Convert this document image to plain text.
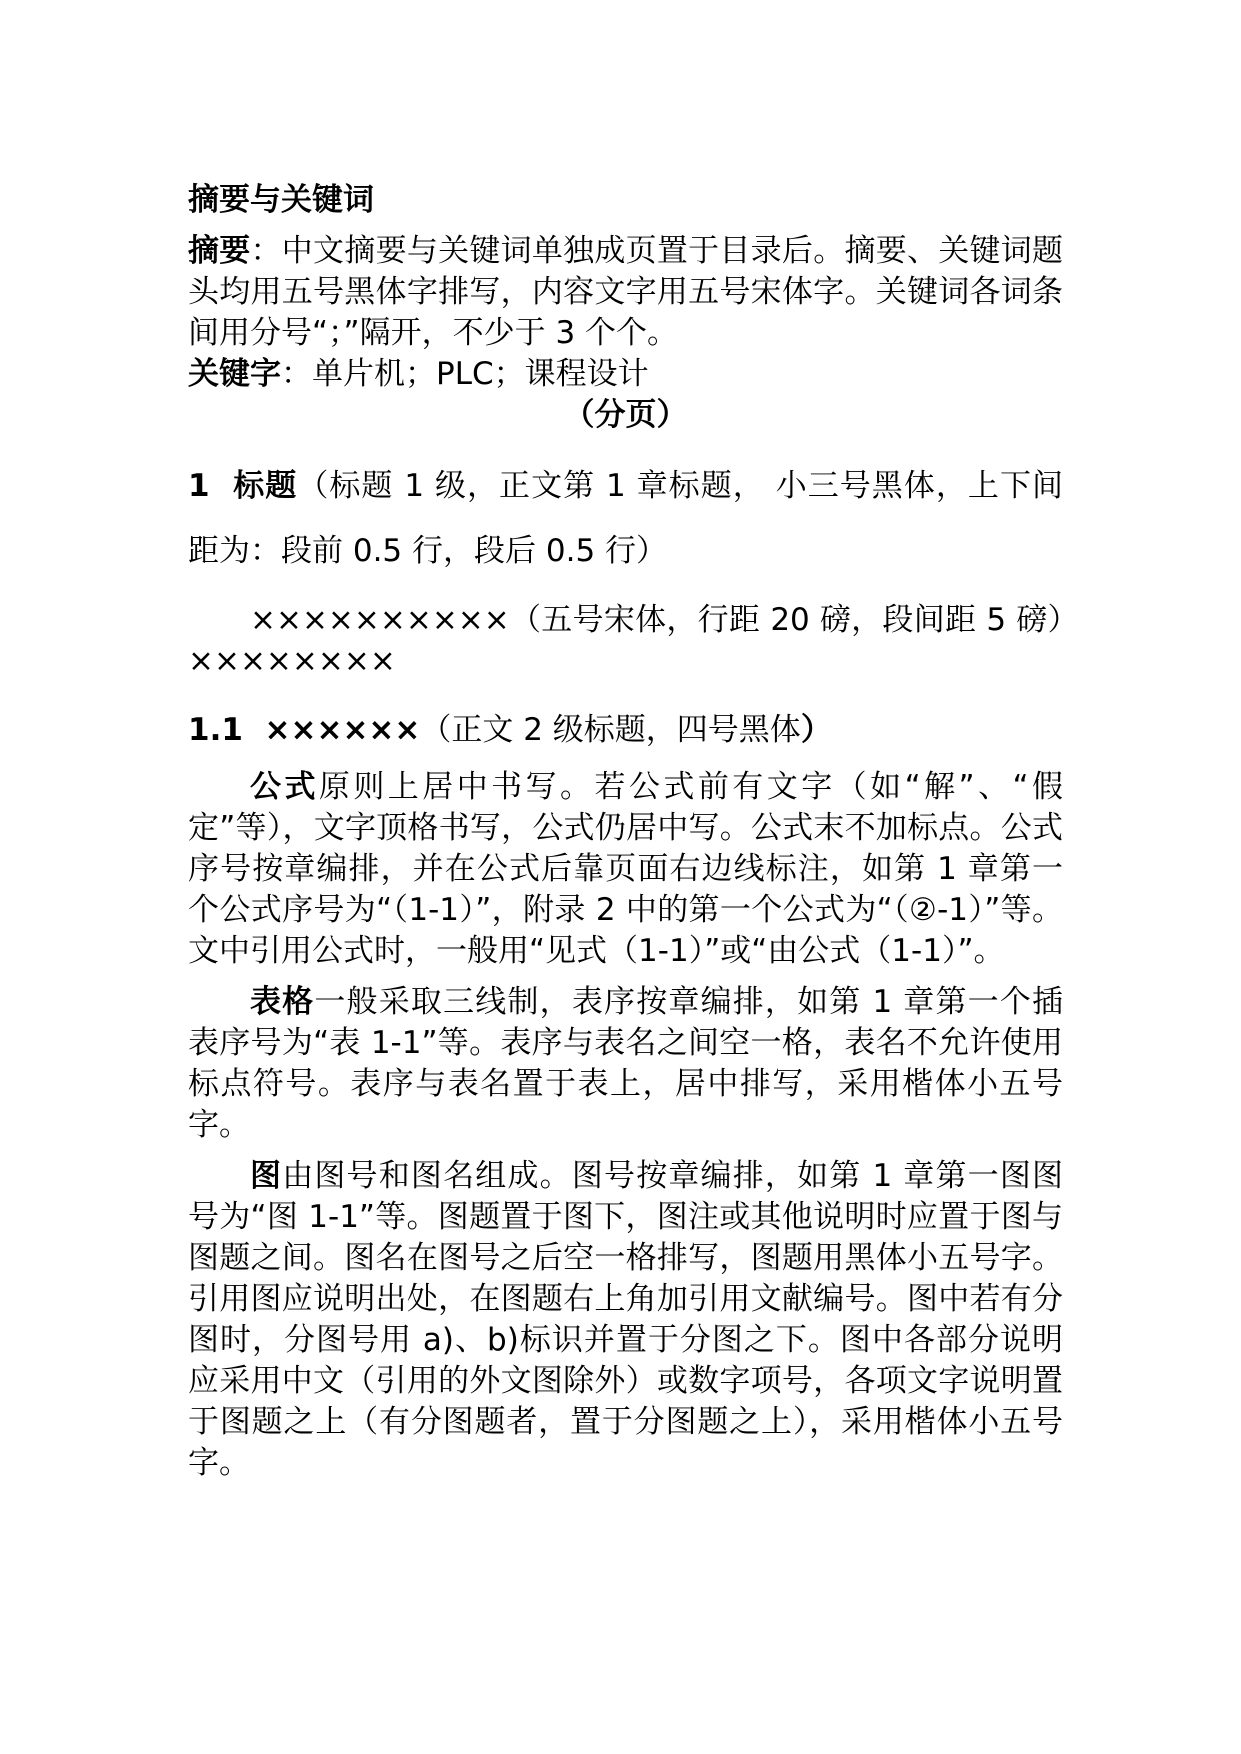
摘要与关键词

摘要：中文摘要与关键词单独成页置于目录后。摘要、关键词题头均用五号黑体字排写，内容文字用五号宋体字。关键词各词条间用分号“；”隔开，不少于 3 个个。

关键字：单片机；PLC；课程设计

（分页）

1 标题（标题 1 级，正文第 1 章标题， 小三号黑体，上下间距为：段前 0.5 行，段后 0.5 行）

××××××××××（五号宋体，行距 20 磅，段间距 5 磅）××××××××

1.1 ××××××（正文 2 级标题，四号黑体）

公式原则上居中书写。若公式前有文字（如“解”、“假定”等），文字顶格书写，公式仍居中写。公式末不加标点。公式序号按章编排，并在公式后靠页面右边线标注，如第 1 章第一个公式序号为“（1-1）”，附录 2 中的第一个公式为“（②-1）”等。文中引用公式时，一般用“见式（1-1）”或“由公式（1-1）”。

表格一般采取三线制，表序按章编排，如第 1 章第一个插表序号为“表 1-1”等。表序与表名之间空一格，表名不允许使用标点符号。表序与表名置于表上，居中排写，采用楷体小五号字。

图由图号和图名组成。图号按章编排，如第 1 章第一图图号为“图 1-1”等。图题置于图下，图注或其他说明时应置于图与图题之间。图名在图号之后空一格排写，图题用黑体小五号字。引用图应说明出处，在图题右上角加引用文献编号。图中若有分图时，分图号用 a)、b)标识并置于分图之下。图中各部分说明应采用中文（引用的外文图除外）或数字项号，各项文字说明置于图题之上（有分图题者，置于分图题之上），采用楷体小五号字。
